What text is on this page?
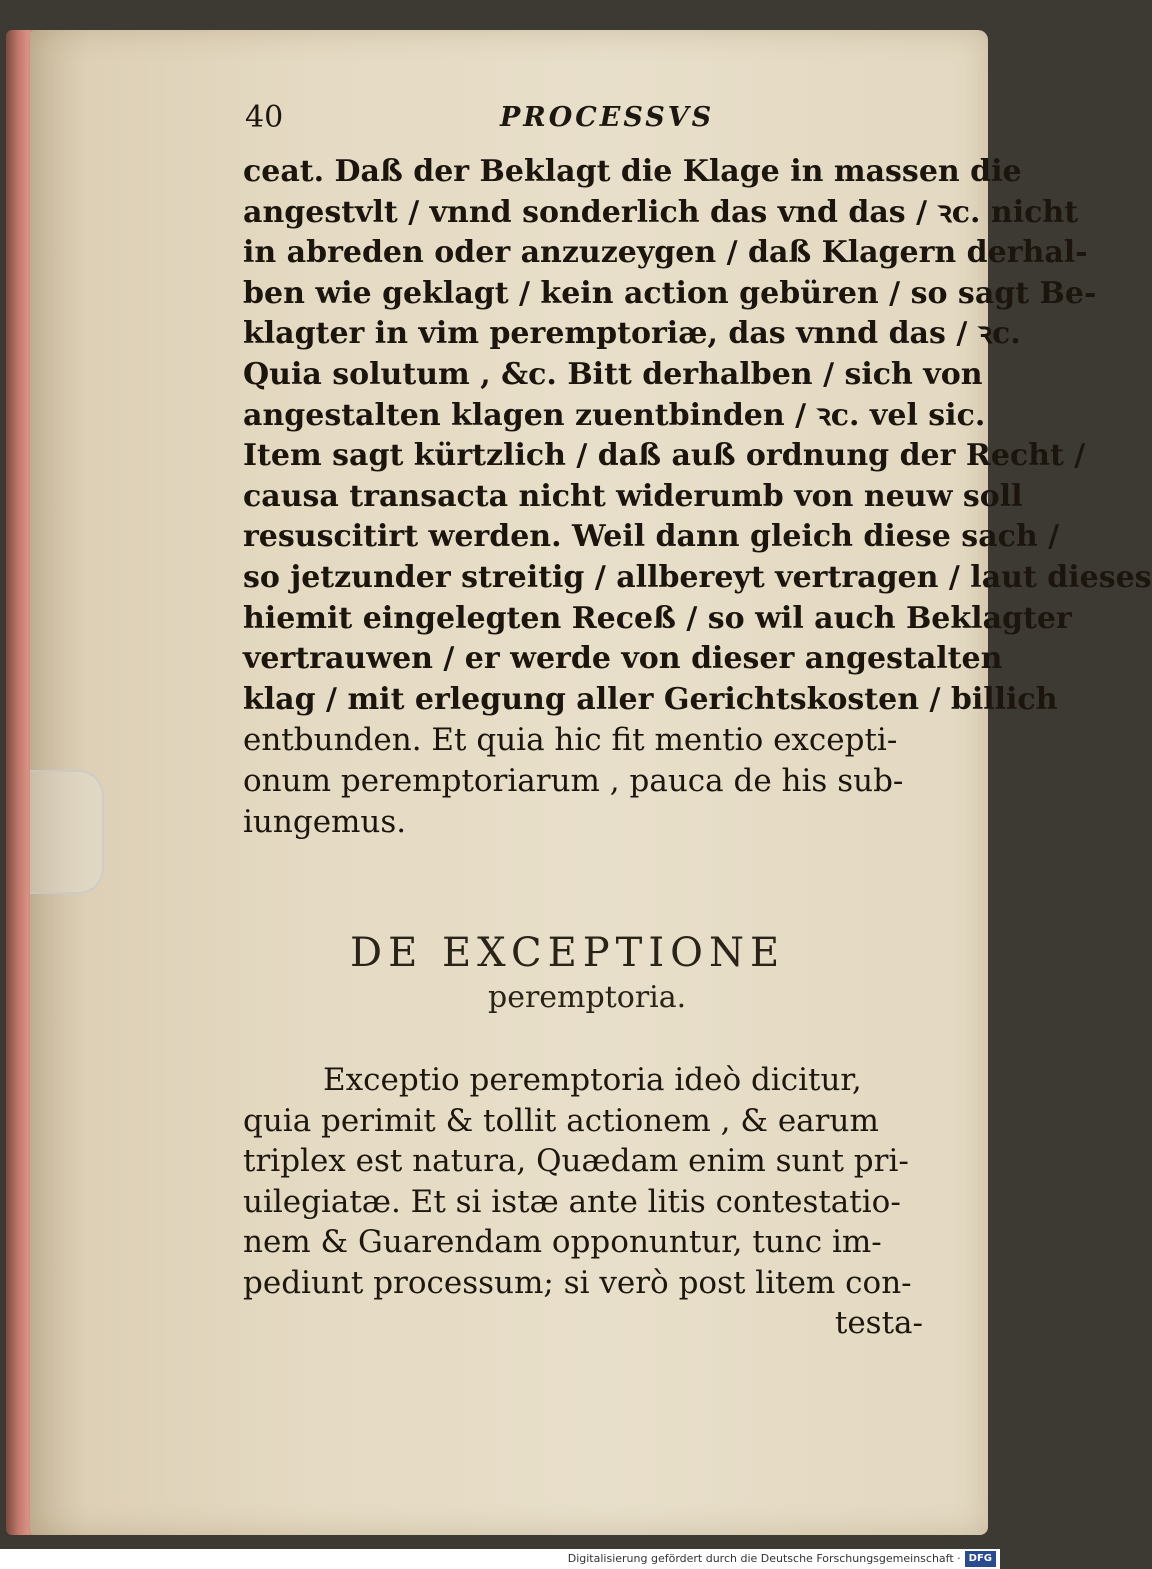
40	PROCESSVS
ceat. Daß der Beklagt die Klage in massen die
angestvlt / vnnd sonderlich das vnd das / ꝛc. nicht
in abreden oder anzuzeygen / daß Klagern derhal-
ben wie geklagt / kein action gebüren / so sagt Be-
klagter in vim peremptoriæ, das vnnd das / ꝛc.
Quia solutum , &c. Bitt derhalben / sich von
angestalten klagen zuentbinden / ꝛc. vel sic.
Item sagt kürtzlich / daß auß ordnung der Recht /
causa transacta nicht widerumb von neuw soll
resuscitirt werden. Weil dann gleich diese sach /
so jetzunder streitig / allbereyt vertragen / laut dieses
hiemit eingelegten Receß / so wil auch Beklagter
vertrauwen / er werde von dieser angestalten
klag / mit erlegung aller Gerichtskosten / billich
entbunden. Et quia hic fit mentio excepti-
onum peremptoriarum , pauca de his sub-
iungemus.
DE EXCEPTIONE
peremptoria.
Exceptio peremptoria ideò dicitur,
quia perimit & tollit actionem , & earum
triplex est natura, Quædam enim sunt pri-
uilegiatæ. Et si istæ ante litis contestatio-
nem & Guarendam opponuntur, tunc im-
pediunt processum; si verò post litem con-
testa-
Digitalisierung gefördert durch die Deutsche Forschungsgemeinschaft · DFG
